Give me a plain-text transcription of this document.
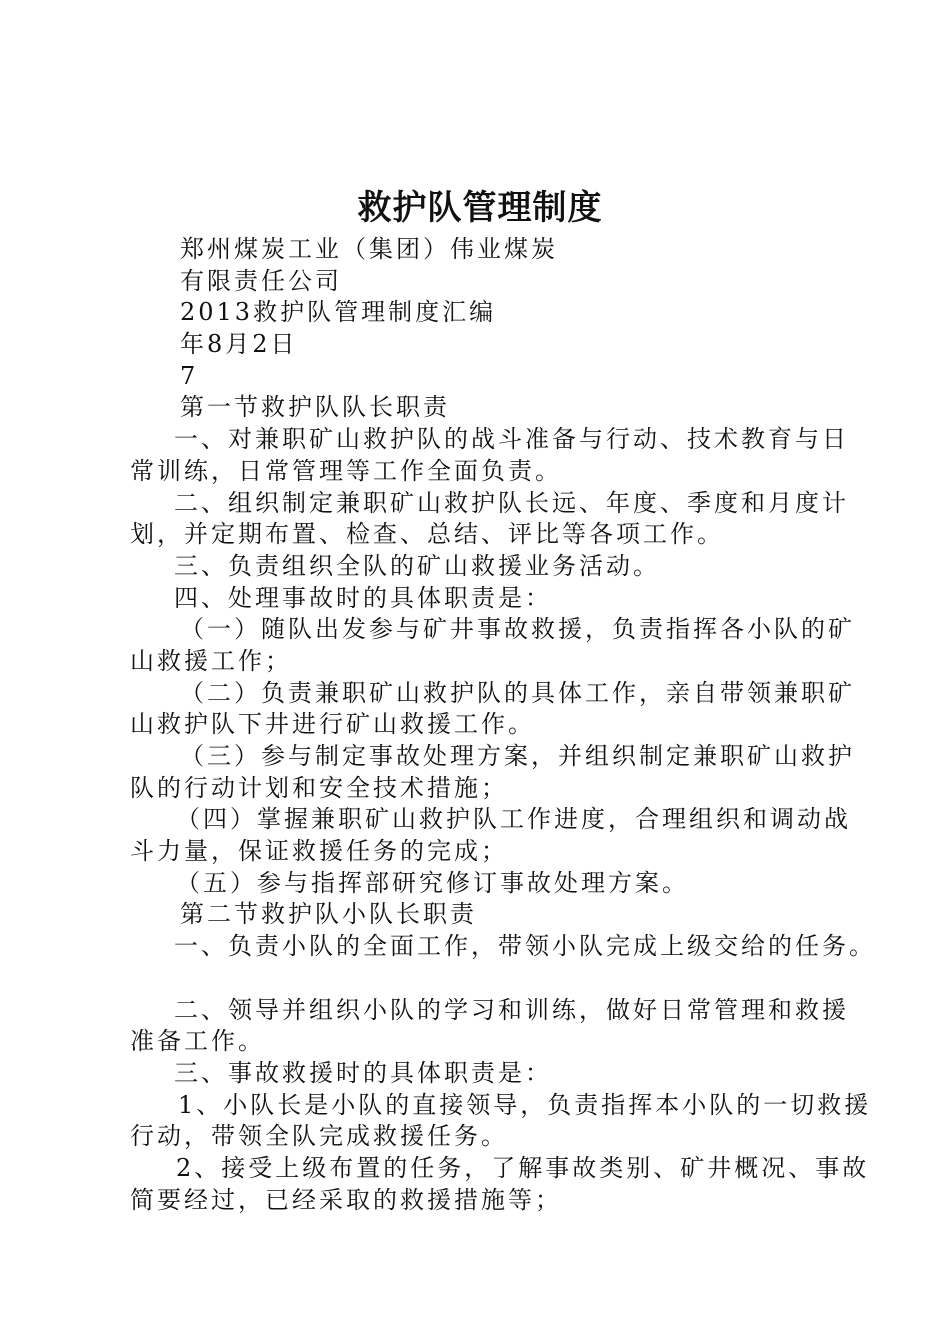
救护队管理制度
郑州煤炭工业（集团）伟业煤炭
有限责任公司
2013救护队管理制度汇编
年8月2日
7
第一节救护队队长职责
一、对兼职矿山救护队的战斗准备与行动、技术教育与日
常训练，日常管理等工作全面负责。
二、组织制定兼职矿山救护队长远、年度、季度和月度计
划，并定期布置、检查、总结、评比等各项工作。
三、负责组织全队的矿山救援业务活动。
四、处理事故时的具体职责是：
（一）随队出发参与矿井事故救援，负责指挥各小队的矿
山救援工作；
（二）负责兼职矿山救护队的具体工作，亲自带领兼职矿
山救护队下井进行矿山救援工作。
（三）参与制定事故处理方案，并组织制定兼职矿山救护
队的行动计划和安全技术措施；
（四）掌握兼职矿山救护队工作进度，合理组织和调动战
斗力量，保证救援任务的完成；
（五）参与指挥部研究修订事故处理方案。
第二节救护队小队长职责
一、负责小队的全面工作，带领小队完成上级交给的任务。
二、领导并组织小队的学习和训练，做好日常管理和救援
准备工作。
三、事故救援时的具体职责是：
1、小队长是小队的直接领导，负责指挥本小队的一切救援
行动，带领全队完成救援任务。
2、接受上级布置的任务，了解事故类别、矿井概况、事故
简要经过，已经采取的救援措施等；
